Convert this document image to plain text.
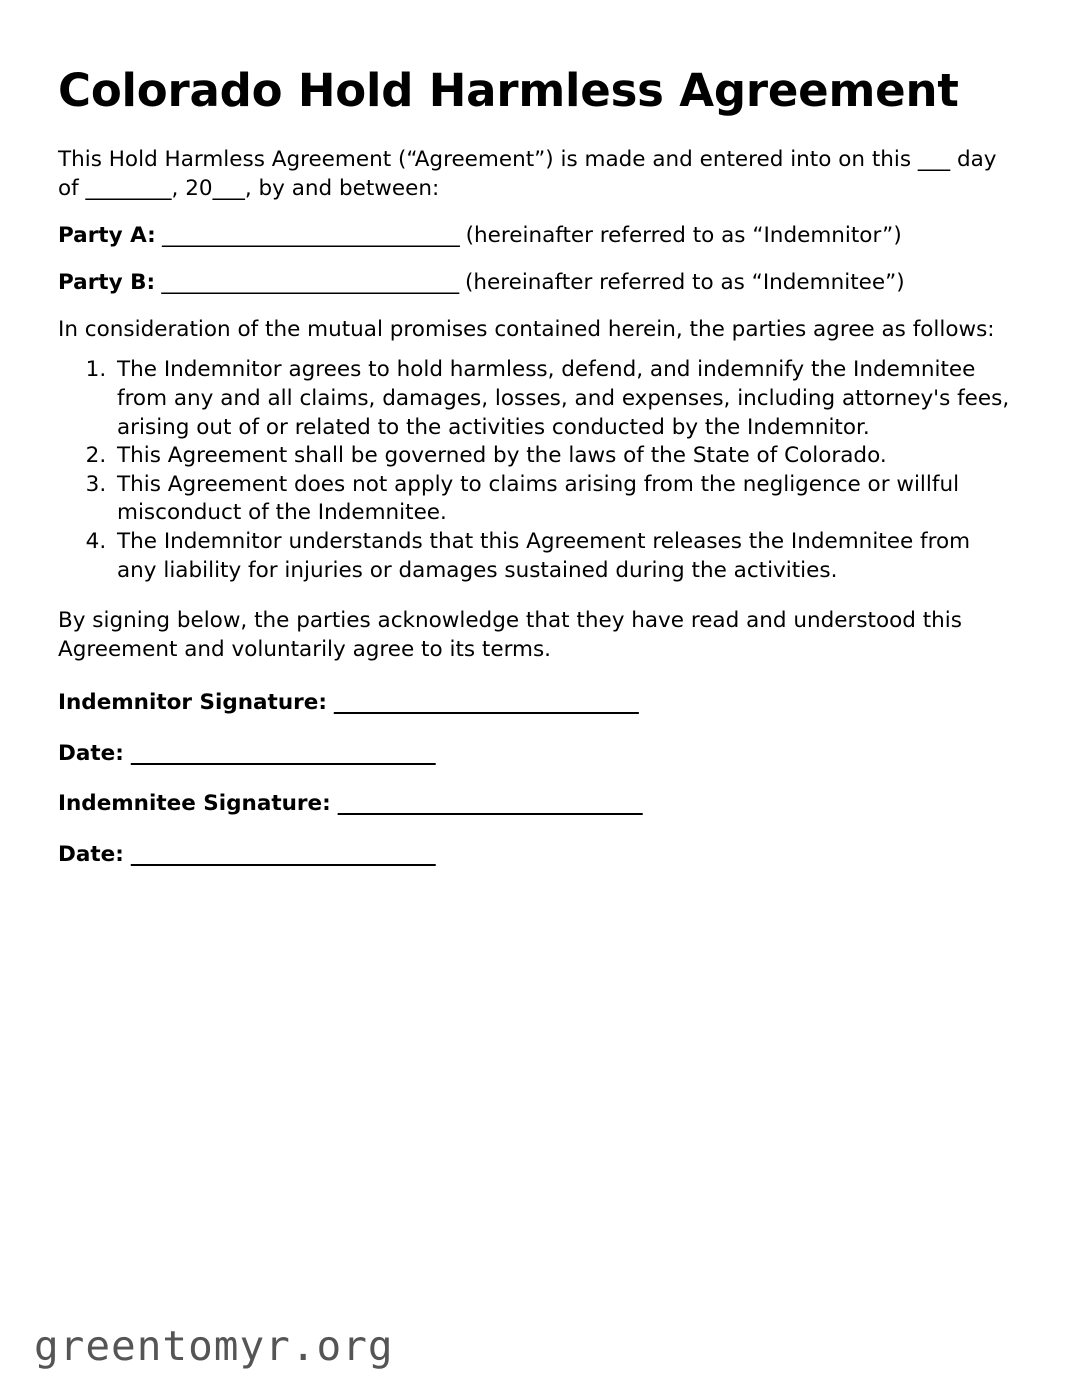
Colorado Hold Harmless Agreement

This Hold Harmless Agreement (“Agreement”) is made and entered into on this ___ day of ________, 20___, by and between:

Party A: _____________________________ (hereinafter referred to as “Indemnitor”)

Party B: _____________________________ (hereinafter referred to as “Indemnitee”)

In consideration of the mutual promises contained herein, the parties agree as follows:

1. The Indemnitor agrees to hold harmless, defend, and indemnify the Indemnitee from any and all claims, damages, losses, and expenses, including attorney's fees, arising out of or related to the activities conducted by the Indemnitor.
2. This Agreement shall be governed by the laws of the State of Colorado.
3. This Agreement does not apply to claims arising from the negligence or willful misconduct of the Indemnitee.
4. The Indemnitor understands that this Agreement releases the Indemnitee from any liability for injuries or damages sustained during the activities.

By signing below, the parties acknowledge that they have read and understood this Agreement and voluntarily agree to its terms.

Indemnitor Signature: ______________________________

Date: ______________________________

Indemnitee Signature: ______________________________

Date: ______________________________

greentomyr.org
